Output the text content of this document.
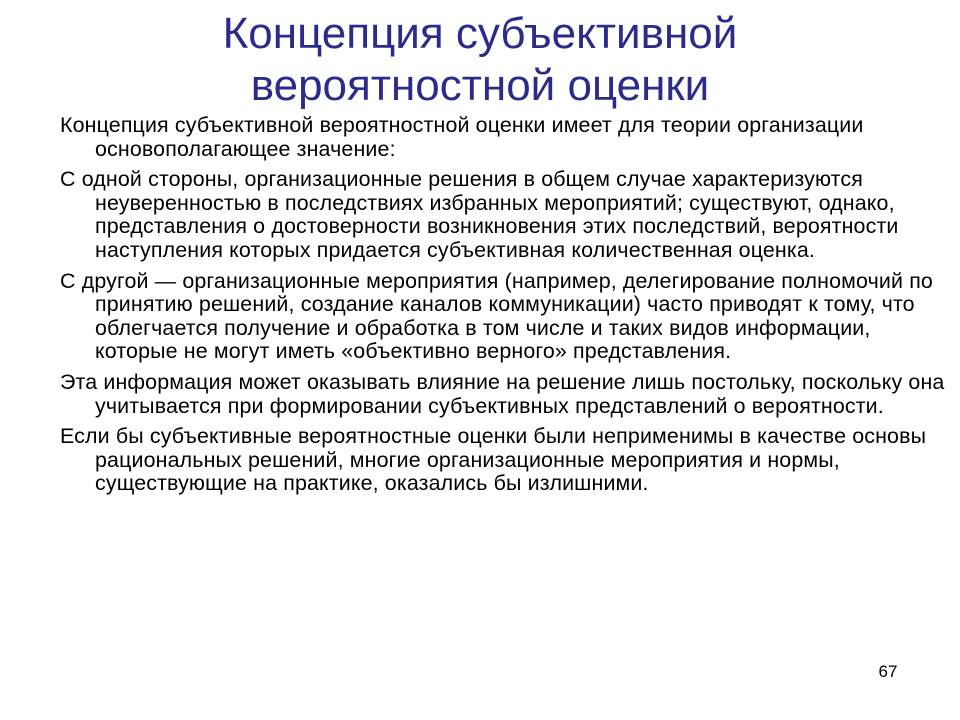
Концепция субъективной вероятностной оценки

Концепция субъективной вероятностной оценки имеет для теории организации основополагающее значение:

С одной стороны, организационные решения в общем случае характеризуются неуверенностью в последствиях избранных мероприятий; существуют, однако, представления о достоверности возникновения этих последствий, вероятности наступления которых придается субъективная количественная оценка.

С другой — организационные мероприятия (например, делегирование полномочий по принятию решений, создание каналов коммуникации) часто приводят к тому, что облегчается получение и обработка в том числе и таких видов информации, которые не могут иметь «объективно верного» представления.

Эта информация может оказывать влияние на решение лишь постольку, поскольку она учитывается при формировании субъективных представлений о вероятности.

Если бы субъективные вероятностные оценки были неприменимы в качестве основы рациональных решений, многие организационные мероприятия и нормы, существующие на практике, оказались бы излишними.

67
